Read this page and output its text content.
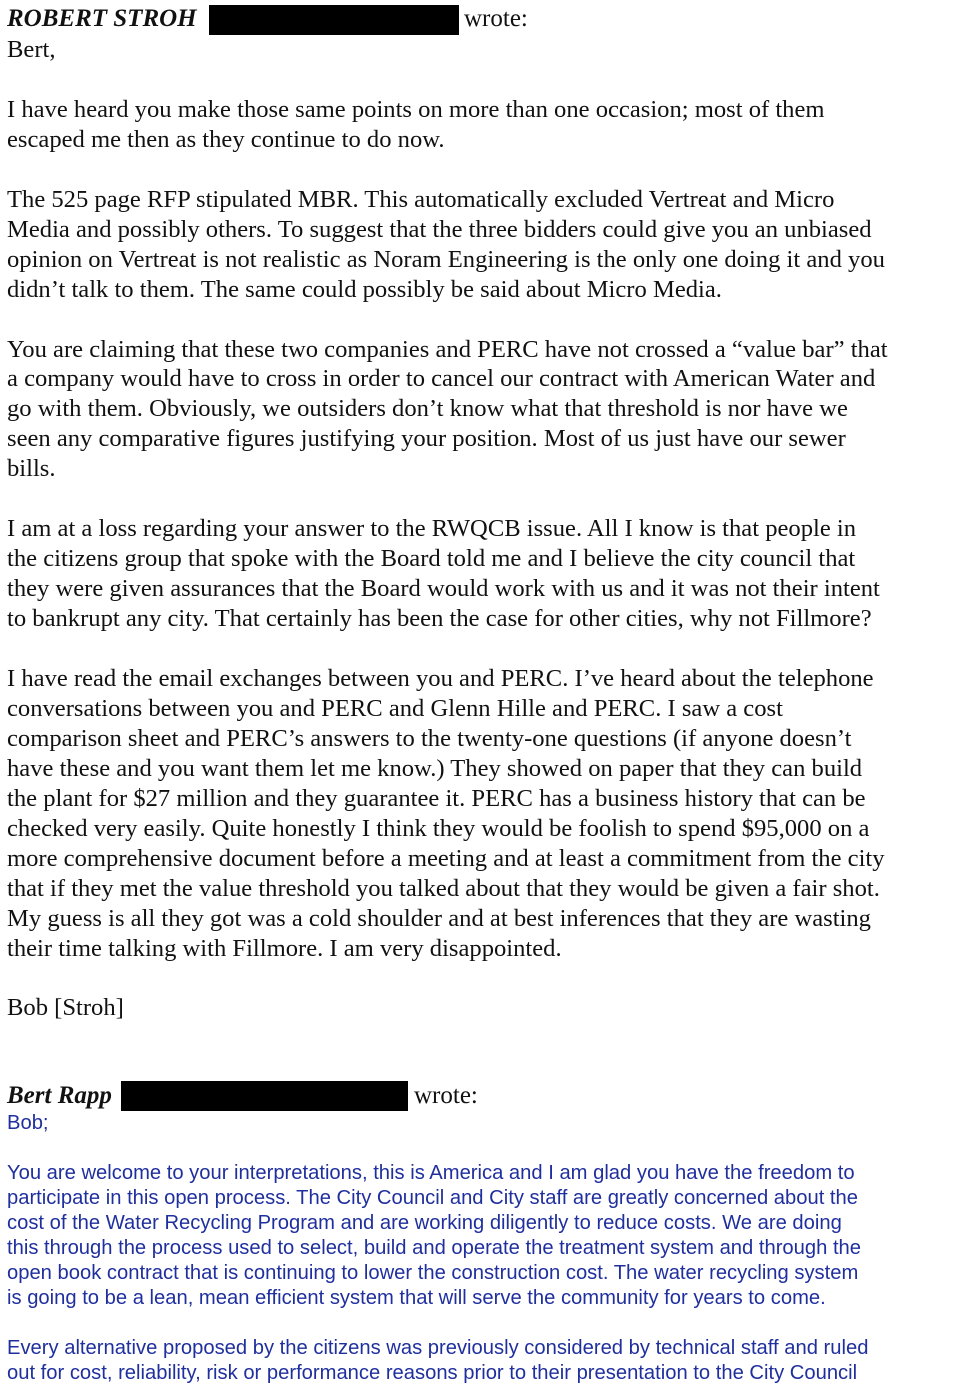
ROBERT STROH	wrote:
Bert,
I have heard you make those same points on more than one occasion; most of them
escaped me then as they continue to do now.
The 525 page RFP stipulated MBR. This automatically excluded Vertreat and Micro
Media and possibly others. To suggest that the three bidders could give you an unbiased
opinion on Vertreat is not realistic as Noram Engineering is the only one doing it and you
didn’t talk to them. The same could possibly be said about Micro Media.
You are claiming that these two companies and PERC have not crossed a “value bar” that
a company would have to cross in order to cancel our contract with American Water and
go with them. Obviously, we outsiders don’t know what that threshold is nor have we
seen any comparative figures justifying your position. Most of us just have our sewer
bills.
I am at a loss regarding your answer to the RWQCB issue. All I know is that people in
the citizens group that spoke with the Board told me and I believe the city council that
they were given assurances that the Board would work with us and it was not their intent
to bankrupt any city. That certainly has been the case for other cities, why not Fillmore?
I have read the email exchanges between you and PERC. I’ve heard about the telephone
conversations between you and PERC and Glenn Hille and PERC. I saw a cost
comparison sheet and PERC’s answers to the twenty-one questions (if anyone doesn’t
have these and you want them let me know.) They showed on paper that they can build
the plant for $27 million and they guarantee it. PERC has a business history that can be
checked very easily. Quite honestly I think they would be foolish to spend $95,000 on a
more comprehensive document before a meeting and at least a commitment from the city
that if they met the value threshold you talked about that they would be given a fair shot.
My guess is all they got was a cold shoulder and at best inferences that they are wasting
their time talking with Fillmore. I am very disappointed.
Bob [Stroh]
Bert Rapp	wrote:
Bob;
You are welcome to your interpretations, this is America and I am glad you have the freedom to
participate in this open process. The City Council and City staff are greatly concerned about the
cost of the Water Recycling Program and are working diligently to reduce costs. We are doing
this through the process used to select, build and operate the treatment system and through the
open book contract that is continuing to lower the construction cost. The water recycling system
is going to be a lean, mean efficient system that will serve the community for years to come.
Every alternative proposed by the citizens was previously considered by technical staff and ruled
out for cost, reliability, risk or performance reasons prior to their presentation to the City Council
